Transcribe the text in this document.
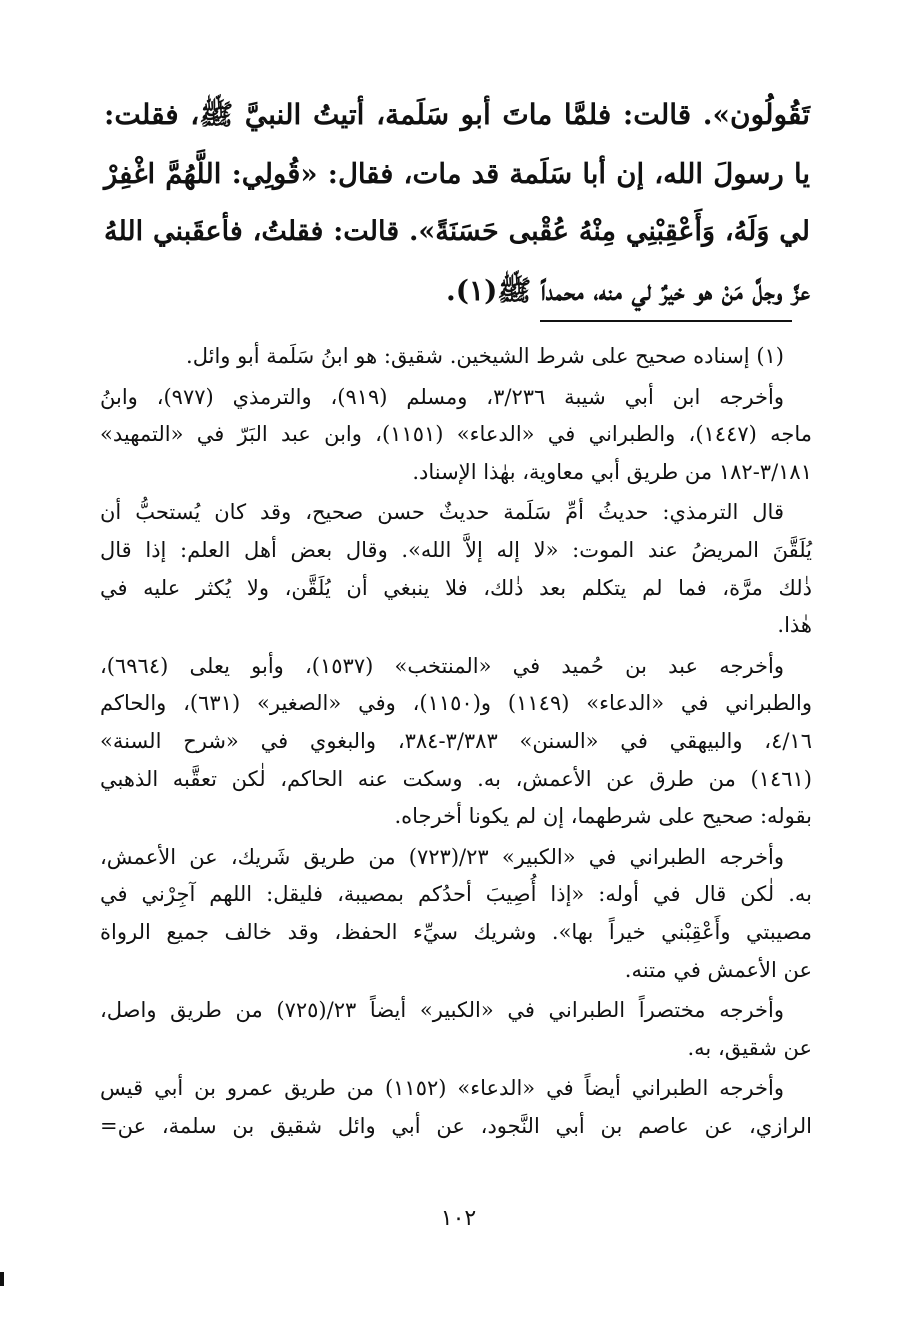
تَقُولُون». قالت: فلمَّا ماتَ أبو سَلَمة، أتيتُ النبيَّ ﷺ، فقلت:
يا رسولَ الله، إن أبا سَلَمة قد مات، فقال: «قُولِي: اللَّهُمَّ اغْفِرْ
لي وَلَهُ، وَأَعْقِبْنِي مِنْهُ عُقْبى حَسَنَةً». قالت: فقلتُ، فأعقَبني اللهُ
عزَّ وجلَّ مَنْ هو خيرٌ لي منه، محمداً ﷺ(١).
(١) إسناده صحيح على شرط الشيخين. شقيق: هو ابنُ سَلَمة أبو وائل.
وأخرجه ابن أبي شيبة ٣/٢٣٦، ومسلم (٩١٩)، والترمذي (٩٧٧)، وابنُ
ماجه (١٤٤٧)، والطبراني في «الدعاء» (١١٥١)، وابن عبد البَرّ في «التمهيد»
٣/١٨١-١٨٢ من طريق أبي معاوية، بهٰذا الإسناد.
قال الترمذي: حديثُ أمِّ سَلَمة حديثٌ حسن صحيح، وقد كان يُستحبُّ أن
يُلَقَّنَ المريضُ عند الموت: «لا إله إلاَّ الله». وقال بعض أهل العلم: إذا قال
ذٰلك مرَّة، فما لم يتكلم بعد ذٰلك، فلا ينبغي أن يُلَقَّن، ولا يُكثر عليه في
هٰذا.
وأخرجه عبد بن حُميد في «المنتخب» (١٥٣٧)، وأبو يعلى (٦٩٦٤)،
والطبراني في «الدعاء» (١١٤٩) و(١١٥٠)، وفي «الصغير» (٦٣١)، والحاكم
٤/١٦، والبيهقي في «السنن» ٣/٣٨٣-٣٨٤، والبغوي في «شرح السنة»
(١٤٦١) من طرق عن الأعمش، به. وسكت عنه الحاكم، لٰكن تعقَّبه الذهبي
بقوله: صحيح على شرطهما، إن لم يكونا أخرجاه.
وأخرجه الطبراني في «الكبير» ٢٣/(٧٢٣) من طريق شَريك، عن الأعمش،
به. لٰكن قال في أوله: «إذا أُصِيبَ أحدُكم بمصيبة، فليقل: اللهم آجِرْني في
مصيبتي وأَعْقِبْني خيراً بها». وشريك سيِّء الحفظ، وقد خالف جميع الرواة
عن الأعمش في متنه.
وأخرجه مختصراً الطبراني في «الكبير» أيضاً ٢٣/(٧٢٥) من طريق واصل،
عن شقيق، به.
وأخرجه الطبراني أيضاً في «الدعاء» (١١٥٢) من طريق عمرو بن أبي قيس
الرازي، عن عاصم بن أبي النَّجود، عن أبي وائل شقيق بن سلمة، عن=
١٠٢
